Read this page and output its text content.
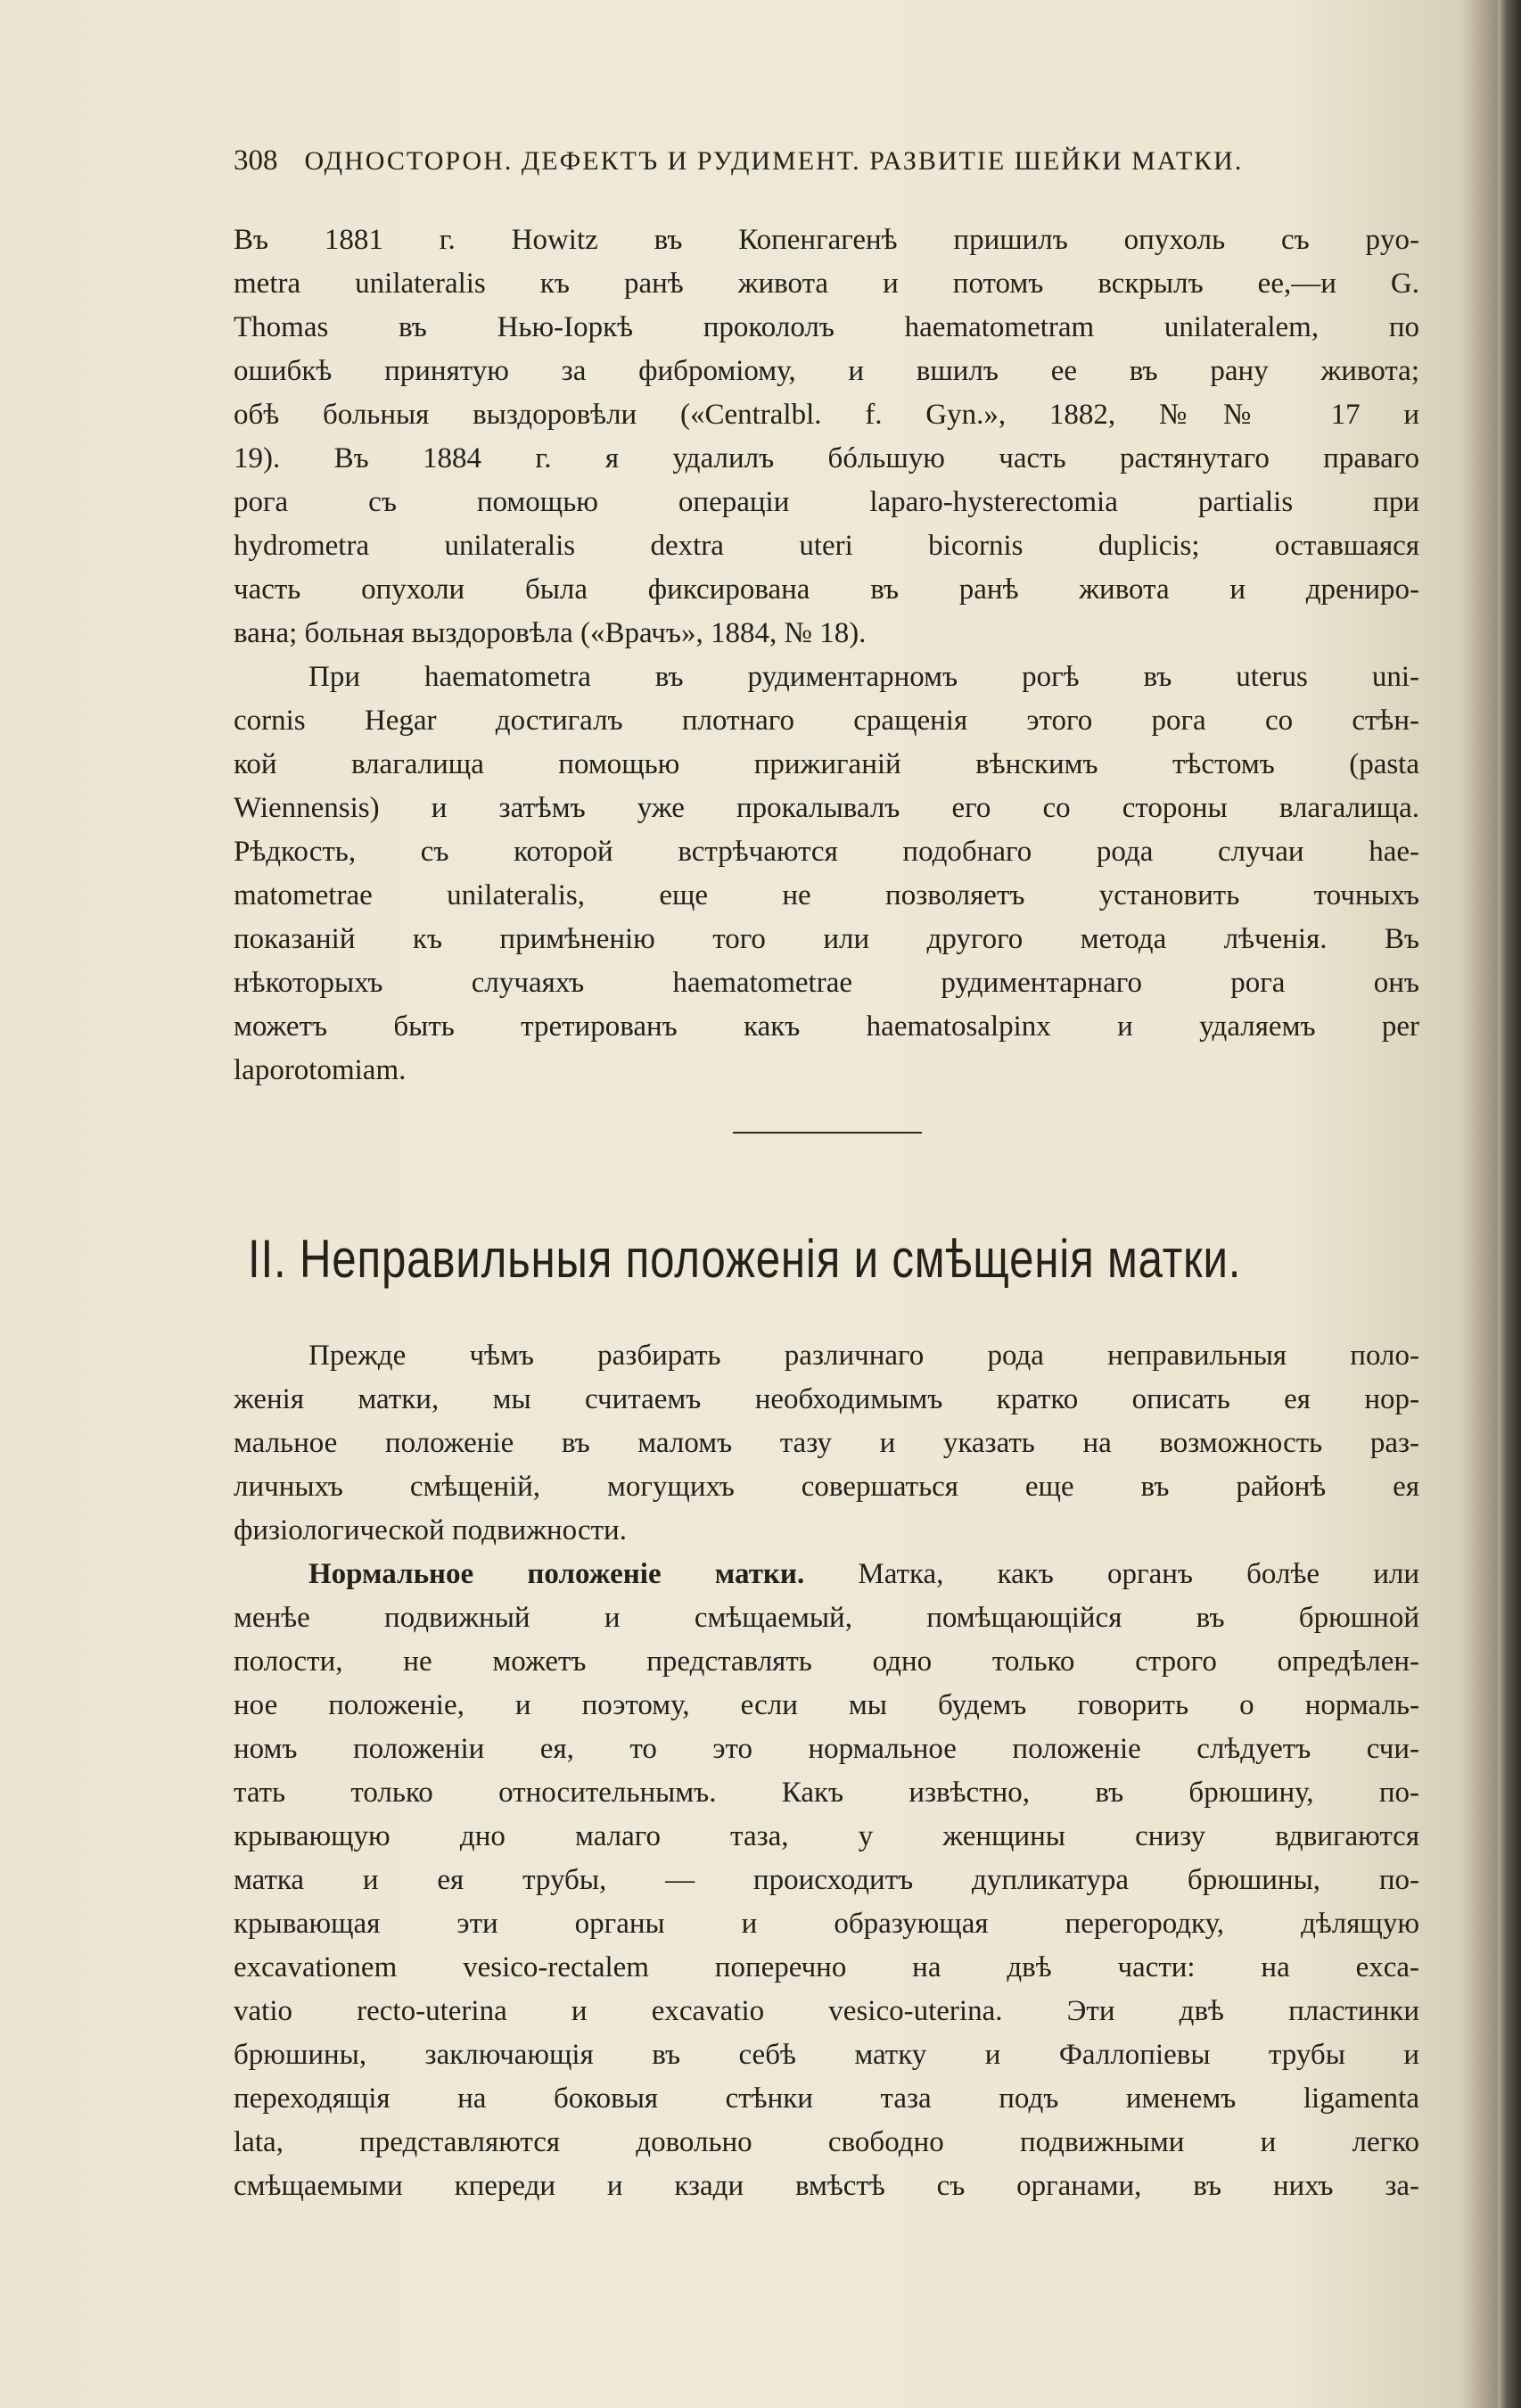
308 ОДНОСТОРОН. ДЕФЕКТЪ И РУДИМЕНТ. РАЗВИТІЕ ШЕЙКИ МАТКИ.
Въ 1881 г. Howitz въ Копенгагенѣ пришилъ опухоль съ pyo-
metra unilateralis къ ранѣ живота и потомъ вскрылъ ее,—и G.
Thomas въ Нью-Іоркѣ прокололъ haematometram unilateralem, по
ошибкѣ принятую за фиброміому, и вшилъ ее въ рану живота;
обѣ больныя выздоровѣли («Centralbl. f. Gyn.», 1882, №№ 17 и
19). Въ 1884 г. я удалилъ бóльшую часть растянутаго праваго
рога съ помощью операціи laparo-hysterectomia partialis при
hydrometra unilateralis dextra uteri bicornis duplicis; оставшаяся
часть опухоли была фиксирована въ ранѣ живота и дрениро-
вана; больная выздоровѣла («Врачъ», 1884, № 18).
При haematometra въ рудиментарномъ рогѣ въ uterus uni-
cornis Hegar достигалъ плотнаго сращенія этого рога со стѣн-
кой влагалища помощью прижиганій вѣнскимъ тѣстомъ (pasta
Wiennensis) и затѣмъ уже прокалывалъ его со стороны влагалища.
Рѣдкость, съ которой встрѣчаются подобнаго рода случаи hae-
matometrae unilateralis, еще не позволяетъ установить точныхъ
показаній къ примѣненію того или другого метода лѣченія. Въ
нѣкоторыхъ случаяхъ haematometrae рудиментарнаго рога онъ
можетъ быть третированъ какъ haematosalpinx и удаляемъ per
laporotomiam.
II. Неправильныя положенія и смѣщенія матки.
Прежде чѣмъ разбирать различнаго рода неправильныя поло-
женія матки, мы считаемъ необходимымъ кратко описать ея нор-
мальное положеніе въ маломъ тазу и указать на возможность раз-
личныхъ смѣщеній, могущихъ совершаться еще въ районѣ ея
физіологической подвижности.
Нормальное положеніе матки. Матка, какъ органъ болѣе или
менѣе подвижный и смѣщаемый, помѣщающійся въ брюшной
полости, не можетъ представлять одно только строго опредѣлен-
ное положеніе, и поэтому, если мы будемъ говорить о нормаль-
номъ положеніи ея, то это нормальное положеніе слѣдуетъ счи-
тать только относительнымъ. Какъ извѣстно, въ брюшину, по-
крывающую дно малаго таза, у женщины снизу вдвигаются
матка и ея трубы, — происходитъ дупликатура брюшины, по-
крывающая эти органы и образующая перегородку, дѣлящую
excavationem vesico-rectalem поперечно на двѣ части: на exca-
vatio recto-uterina и excavatio vesico-uterina. Эти двѣ пластинки
брюшины, заключающія въ себѣ матку и Фаллопіевы трубы и
переходящія на боковыя стѣнки таза подъ именемъ ligamenta
lata, представляются довольно свободно подвижными и легко
смѣщаемыми кпереди и кзади вмѣстѣ съ органами, въ нихъ за-
